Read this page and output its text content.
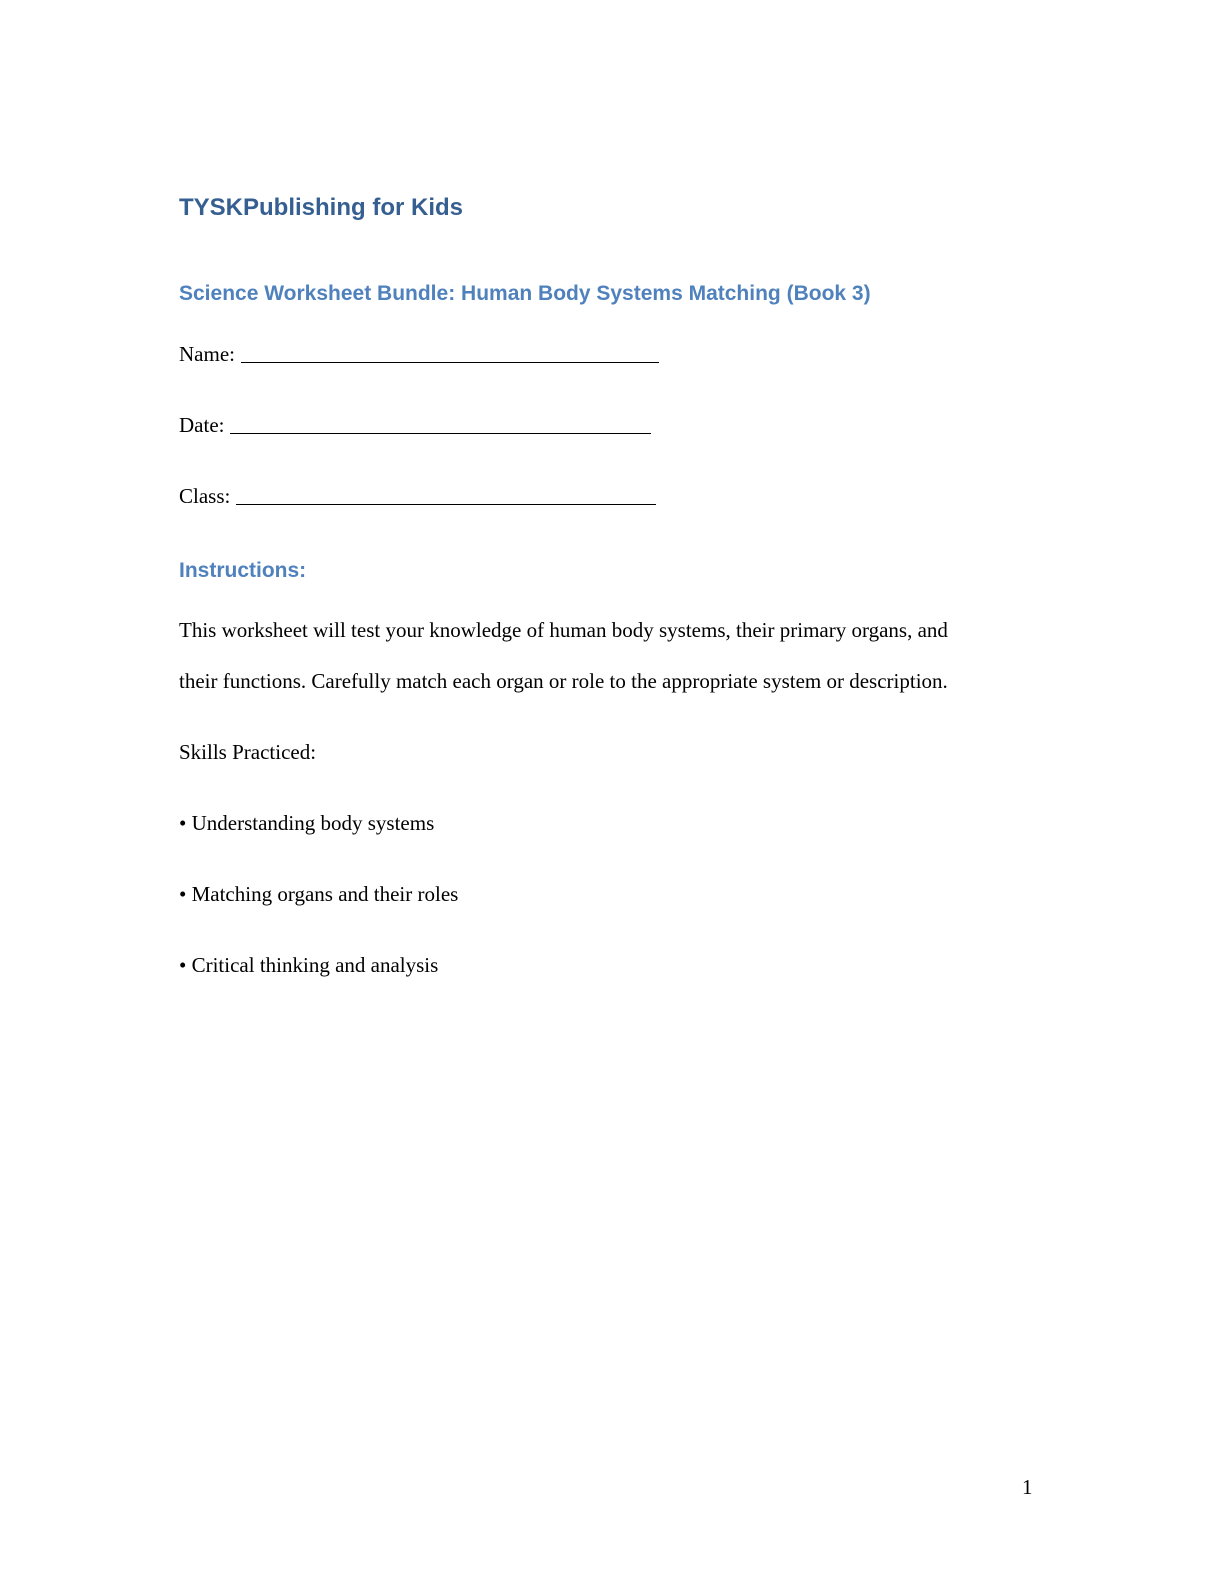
TYSKPublishing for Kids
Science Worksheet Bundle: Human Body Systems Matching (Book 3)
Name:
Date:
Class:
Instructions:

This worksheet will test your knowledge of human body systems, their primary organs, and

their functions. Carefully match each organ or role to the appropriate system or description.

Skills Practiced:

• Understanding body systems

• Matching organs and their roles

• Critical thinking and analysis

1
